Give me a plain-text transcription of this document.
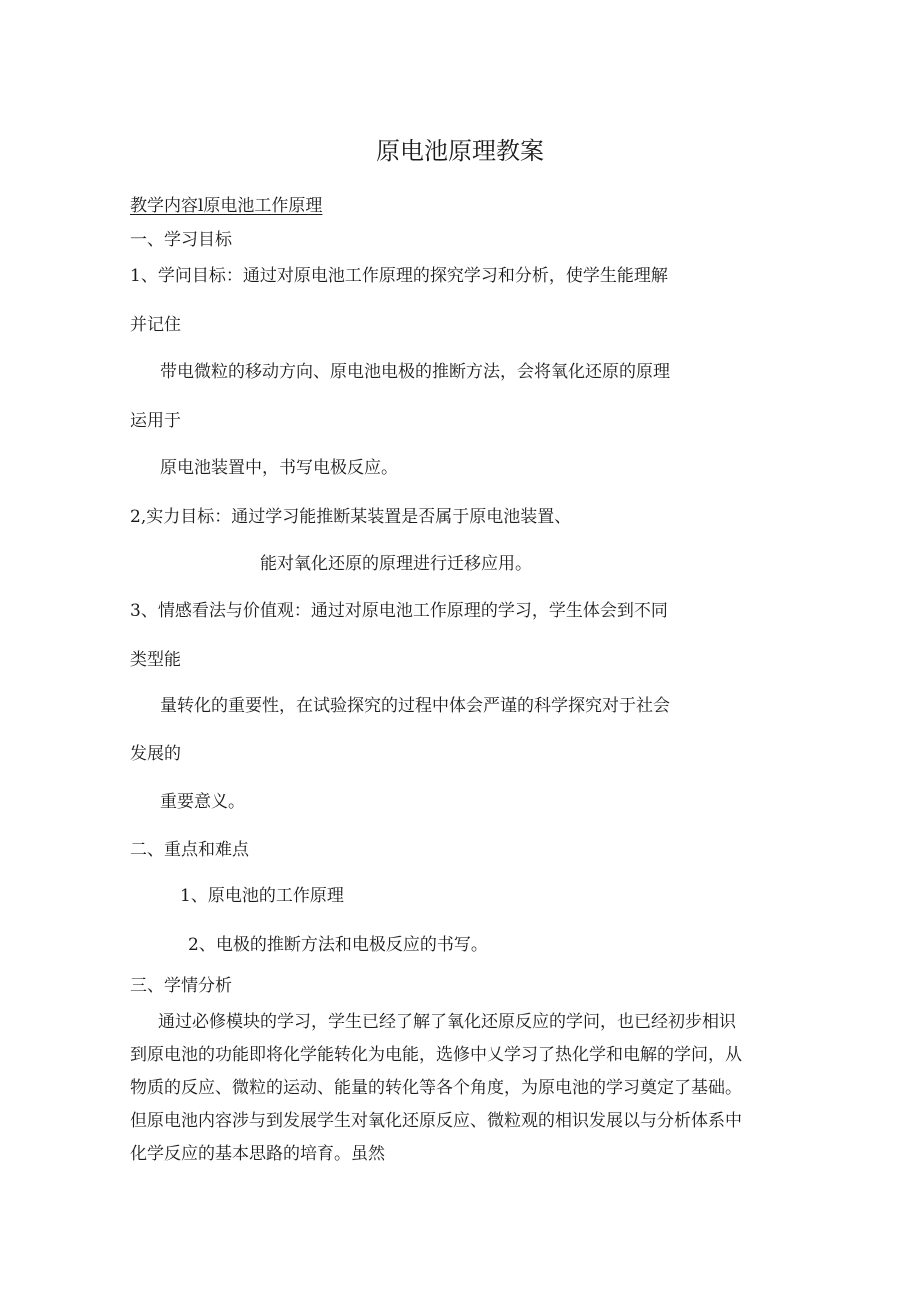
原电池原理教案
教学内容l原电池工作原理
一、学习目标
1、学问目标：通过对原电池工作原理的探究学习和分析，使学生能理解
并记住
带电微粒的移动方向、原电池电极的推断方法，会将氧化还原的原理
运用于
原电池装置中，书写电极反应。
2,实力目标：通过学习能推断某装置是否属于原电池装置、
能对氧化还原的原理进行迁移应用。
3、情感看法与价值观：通过对原电池工作原理的学习，学生体会到不同
类型能
量转化的重要性，在试验探究的过程中体会严谨的科学探究对于社会
发展的
重要意义。
二、重点和难点
1、原电池的工作原理
2、电极的推断方法和电极反应的书写。
三、学情分析
通过必修模块的学习，学生已经了解了氧化还原反应的学问，也已经初步相识
到原电池的功能即将化学能转化为电能，选修中乂学习了热化学和电解的学问，从
物质的反应、微粒的运动、能量的转化等各个角度，为原电池的学习奠定了基础。
但原电池内容涉与到发展学生对氧化还原反应、微粒观的相识发展以与分析体系中
化学反应的基本思路的培育。虽然
